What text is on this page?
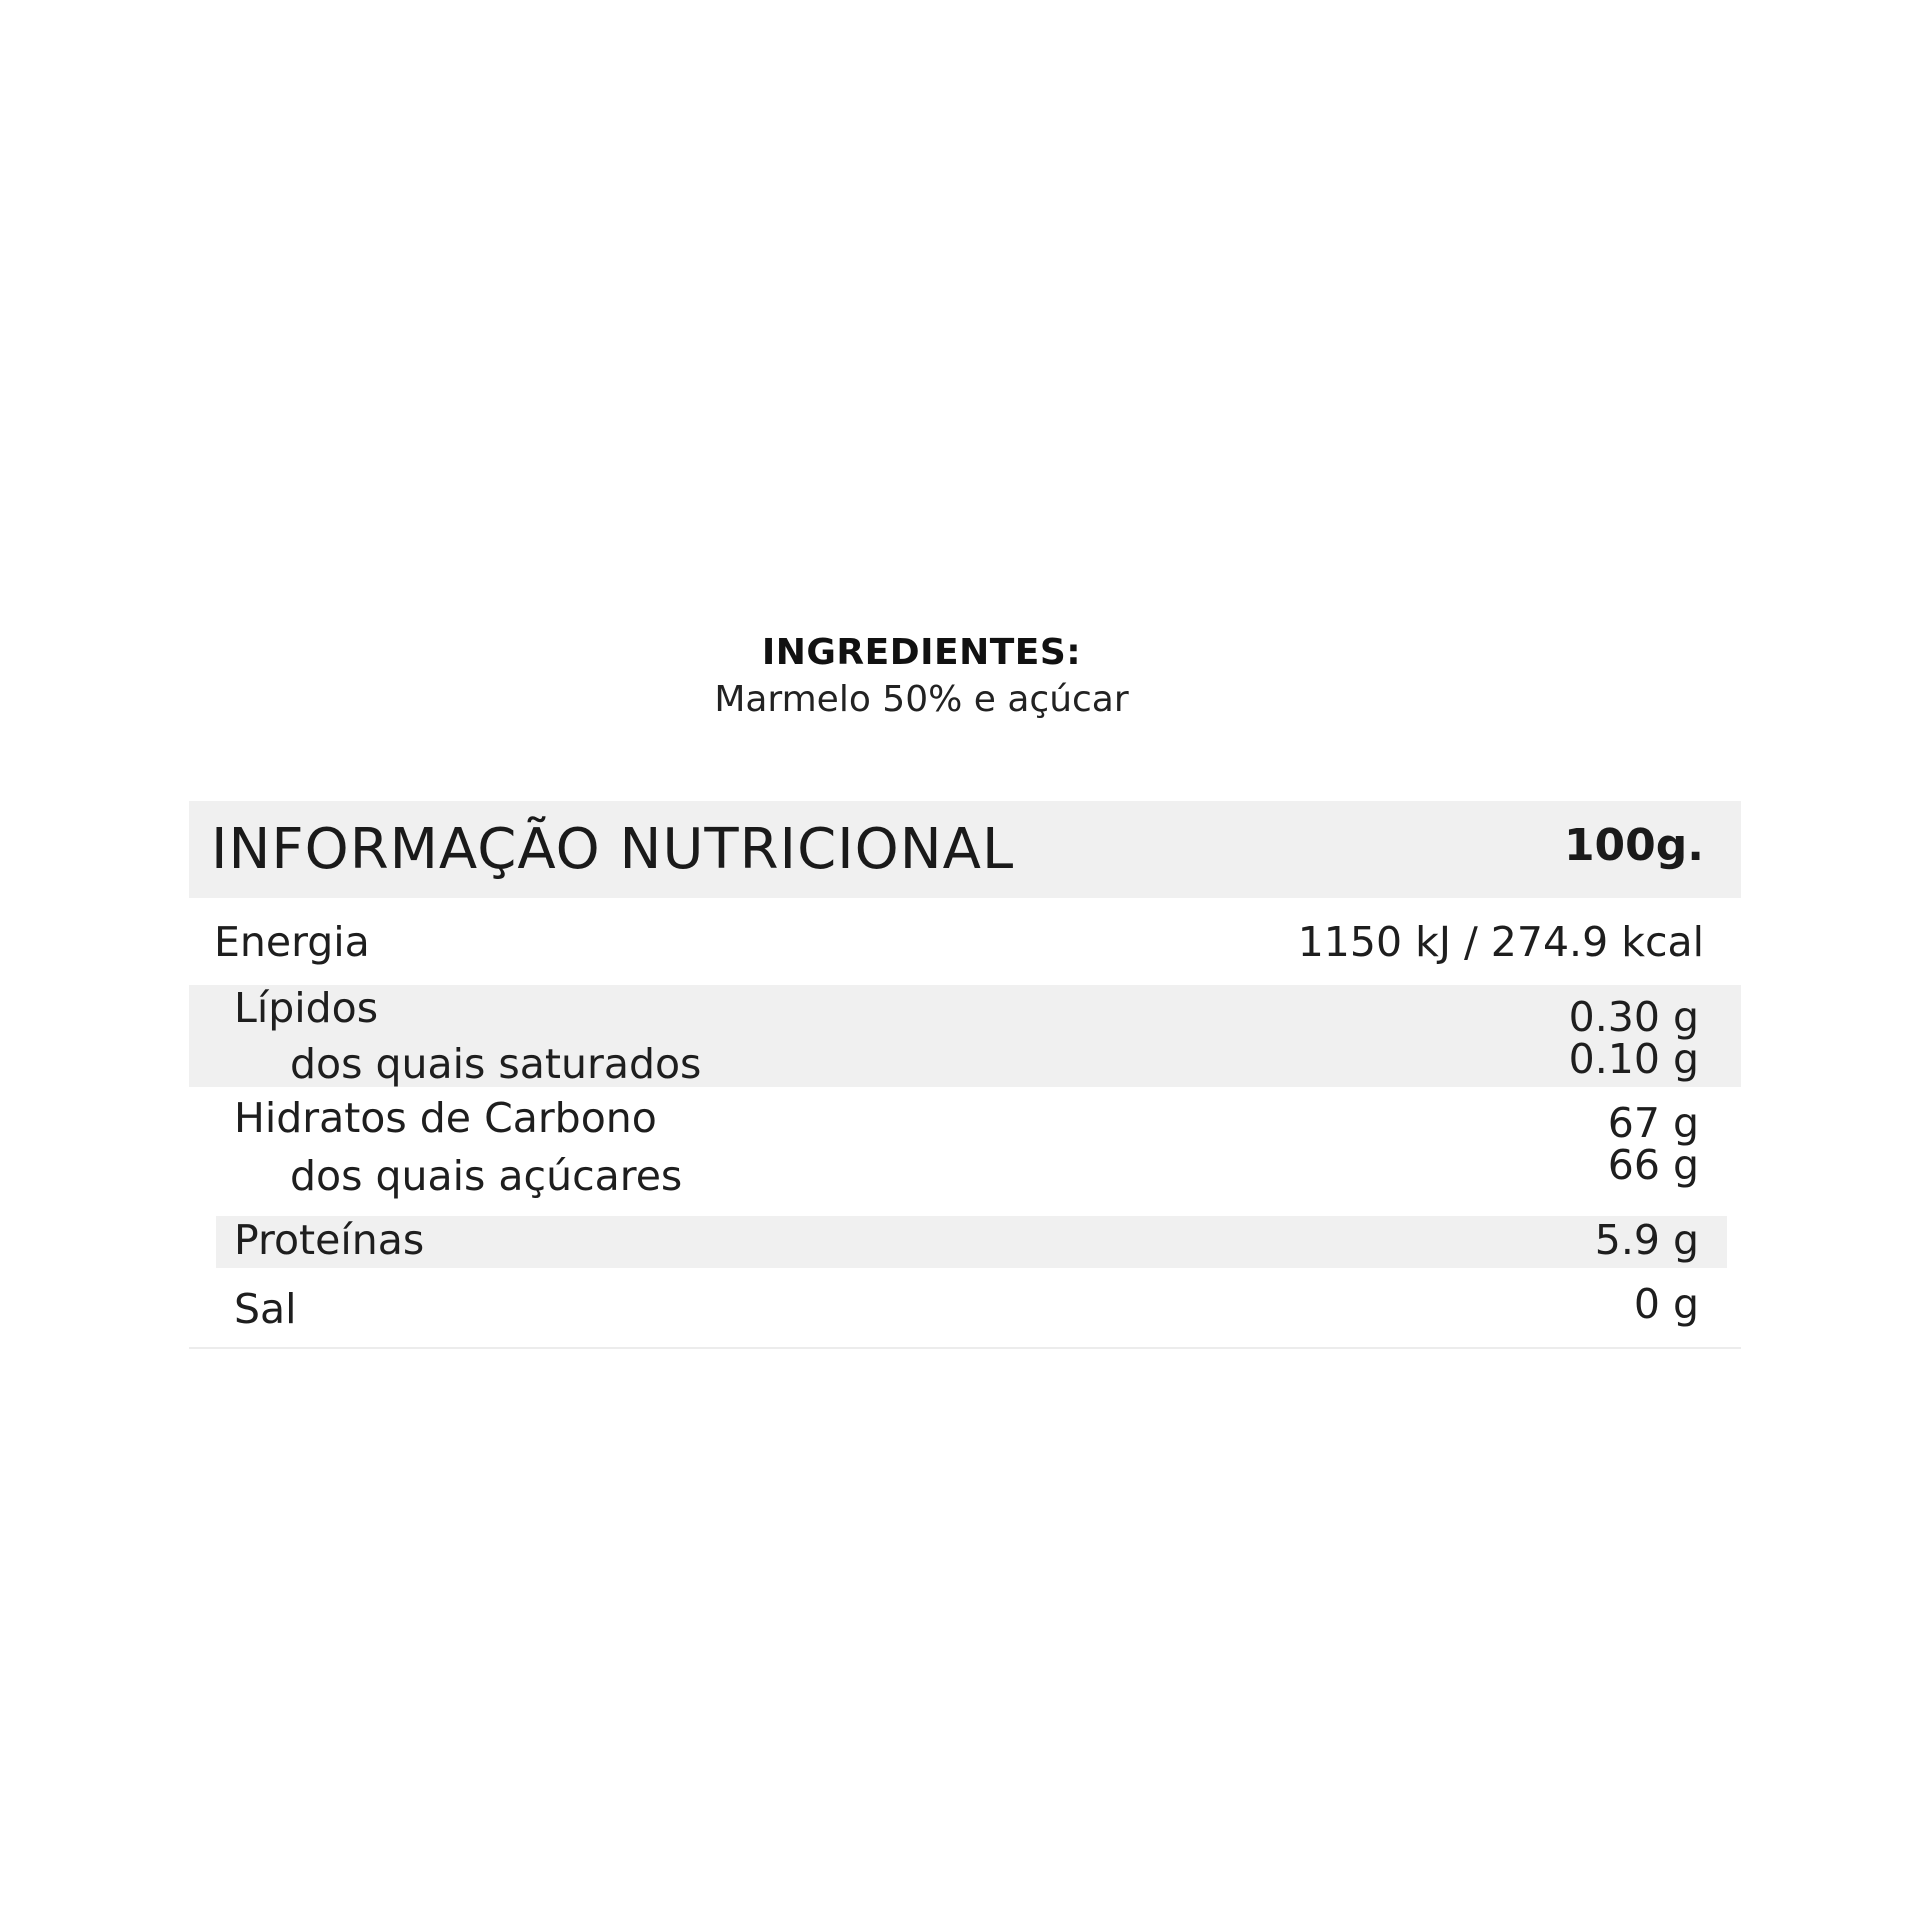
INGREDIENTES:
Marmelo 50% e açúcar
INFORMAÇÃO NUTRICIONAL	100g.
Energia	1150 kJ / 274.9 kcal
Lípidos	0.30 g
dos quais saturados	0.10 g
Hidratos de Carbono	67 g
dos quais açúcares	66 g
Proteínas	5.9 g
Sal	0 g
